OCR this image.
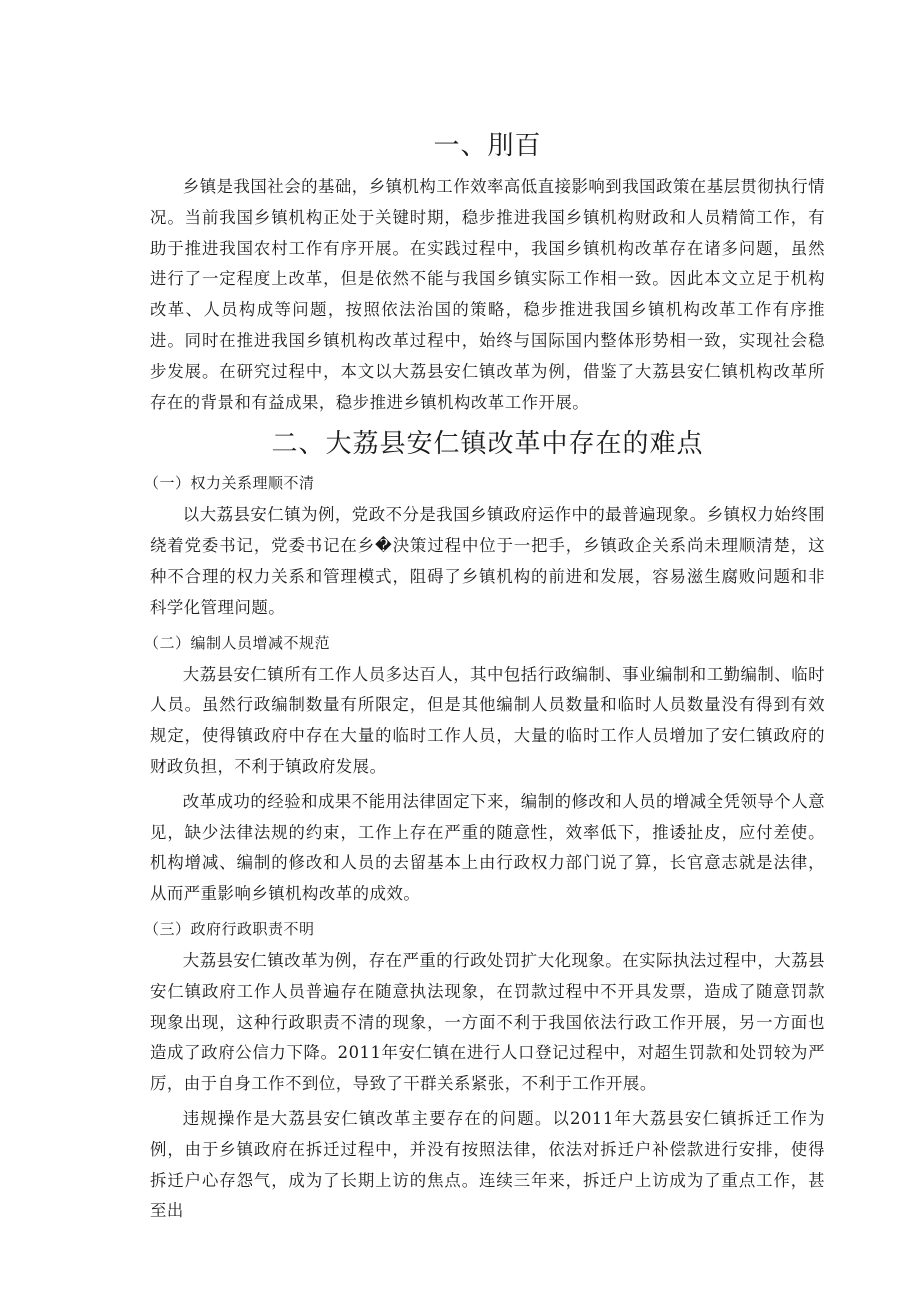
一、刖百

乡镇是我国社会的基础，乡镇机构工作效率高低直接影响到我国政策在基层贯彻执行情况。当前我国乡镇机构正处于关键时期，稳步推进我国乡镇机构财政和人员精简工作，有助于推进我国农村工作有序开展。在实践过程中，我国乡镇机构改革存在诸多问题，虽然进行了一定程度上改革，但是依然不能与我国乡镇实际工作相一致。因此本文立足于机构改革、人员构成等问题，按照依法治国的策略，稳步推进我国乡镇机构改革工作有序推进。同时在推进我国乡镇机构改革过程中，始终与国际国内整体形势相一致，实现社会稳步发展。在研究过程中，本文以大荔县安仁镇改革为例，借鉴了大荔县安仁镇机构改革所存在的背景和有益成果，稳步推进乡镇机构改革工作开展。

二、大荔县安仁镇改革中存在的难点

（一）权力关系理顺不清

以大荔县安仁镇为例，党政不分是我国乡镇政府运作中的最普遍现象。乡镇权力始终围绕着党委书记，党委书记在乡�決策过程中位于一把手，乡镇政企关系尚未理顺清楚，这种不合理的权力关系和管理模式，阻碍了乡镇机构的前进和发展，容易滋生腐败问题和非科学化管理问题。

（二）编制人员增减不规范

大荔县安仁镇所有工作人员多达百人，其中包括行政编制、事业编制和工勤编制、临时人员。虽然行政编制数量有所限定，但是其他编制人员数量和临时人员数量没有得到有效规定，使得镇政府中存在大量的临时工作人员，大量的临时工作人员增加了安仁镇政府的财政负担，不利于镇政府发展。

改革成功的经验和成果不能用法律固定下来，编制的修改和人员的增减全凭领导个人意见，缺少法律法规的约束，工作上存在严重的随意性，效率低下，推诿扯皮，应付差使。机构增减、编制的修改和人员的去留基本上由行政权力部门说了算，长官意志就是法律，从而严重影响乡镇机构改革的成效。

（三）政府行政职责不明

大荔县安仁镇改革为例，存在严重的行政处罚扩大化现象。在实际执法过程中，大荔县安仁镇政府工作人员普遍存在随意执法现象，在罚款过程中不开具发票，造成了随意罚款现象出现，这种行政职责不清的现象，一方面不利于我国依法行政工作开展，另一方面也造成了政府公信力下降。2011年安仁镇在进行人口登记过程中，对超生罚款和处罚较为严厉，由于自身工作不到位，导致了干群关系紧张，不利于工作开展。

违规操作是大荔县安仁镇改革主要存在的问题。以2011年大荔县安仁镇拆迁工作为例，由于乡镇政府在拆迁过程中，并没有按照法律，依法对拆迁户补偿款进行安排，使得拆迁户心存怨气，成为了长期上访的焦点。连续三年来，拆迁户上访成为了重点工作，甚至出
